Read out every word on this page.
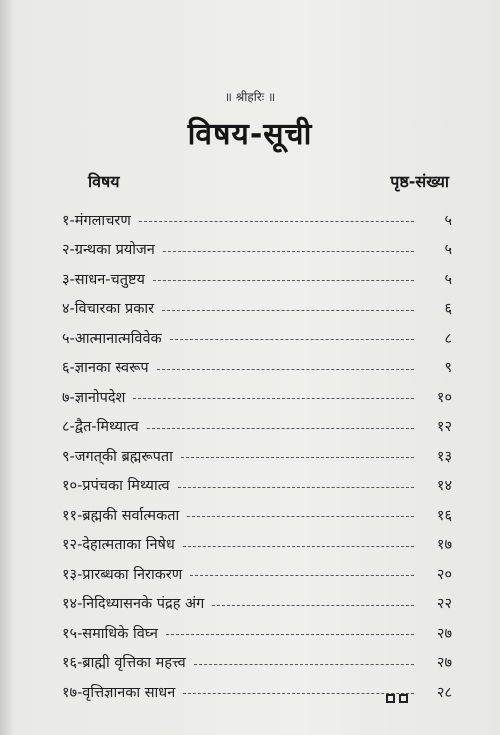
॥ श्रीहरिः ॥
विषय-सूची
विषय	पृष्ठ-संख्या
१-मंगलाचरण	५
२-ग्रन्थका प्रयोजन	५
३-साधन-चतुष्टय	५
४-विचारका प्रकार	६
५-आत्मानात्मविवेक	८
६-ज्ञानका स्वरूप	९
७-ज्ञानोपदेश	१०
८-द्वैत-मिथ्यात्व	१२
९-जगत्‌की ब्रह्मरूपता	१३
१०-प्रपंचका मिथ्यात्व	१४
११-ब्रह्मकी सर्वात्मकता	१६
१२-देहात्मताका निषेध	१७
१३-प्रारब्धका निराकरण	२०
१४-निदिध्यासनके पंद्रह अंग	२२
१५-समाधिके विघ्न	२७
१६-ब्राह्मी वृत्तिका महत्त्व	२७
१७-वृत्तिज्ञानका साधन	२८
